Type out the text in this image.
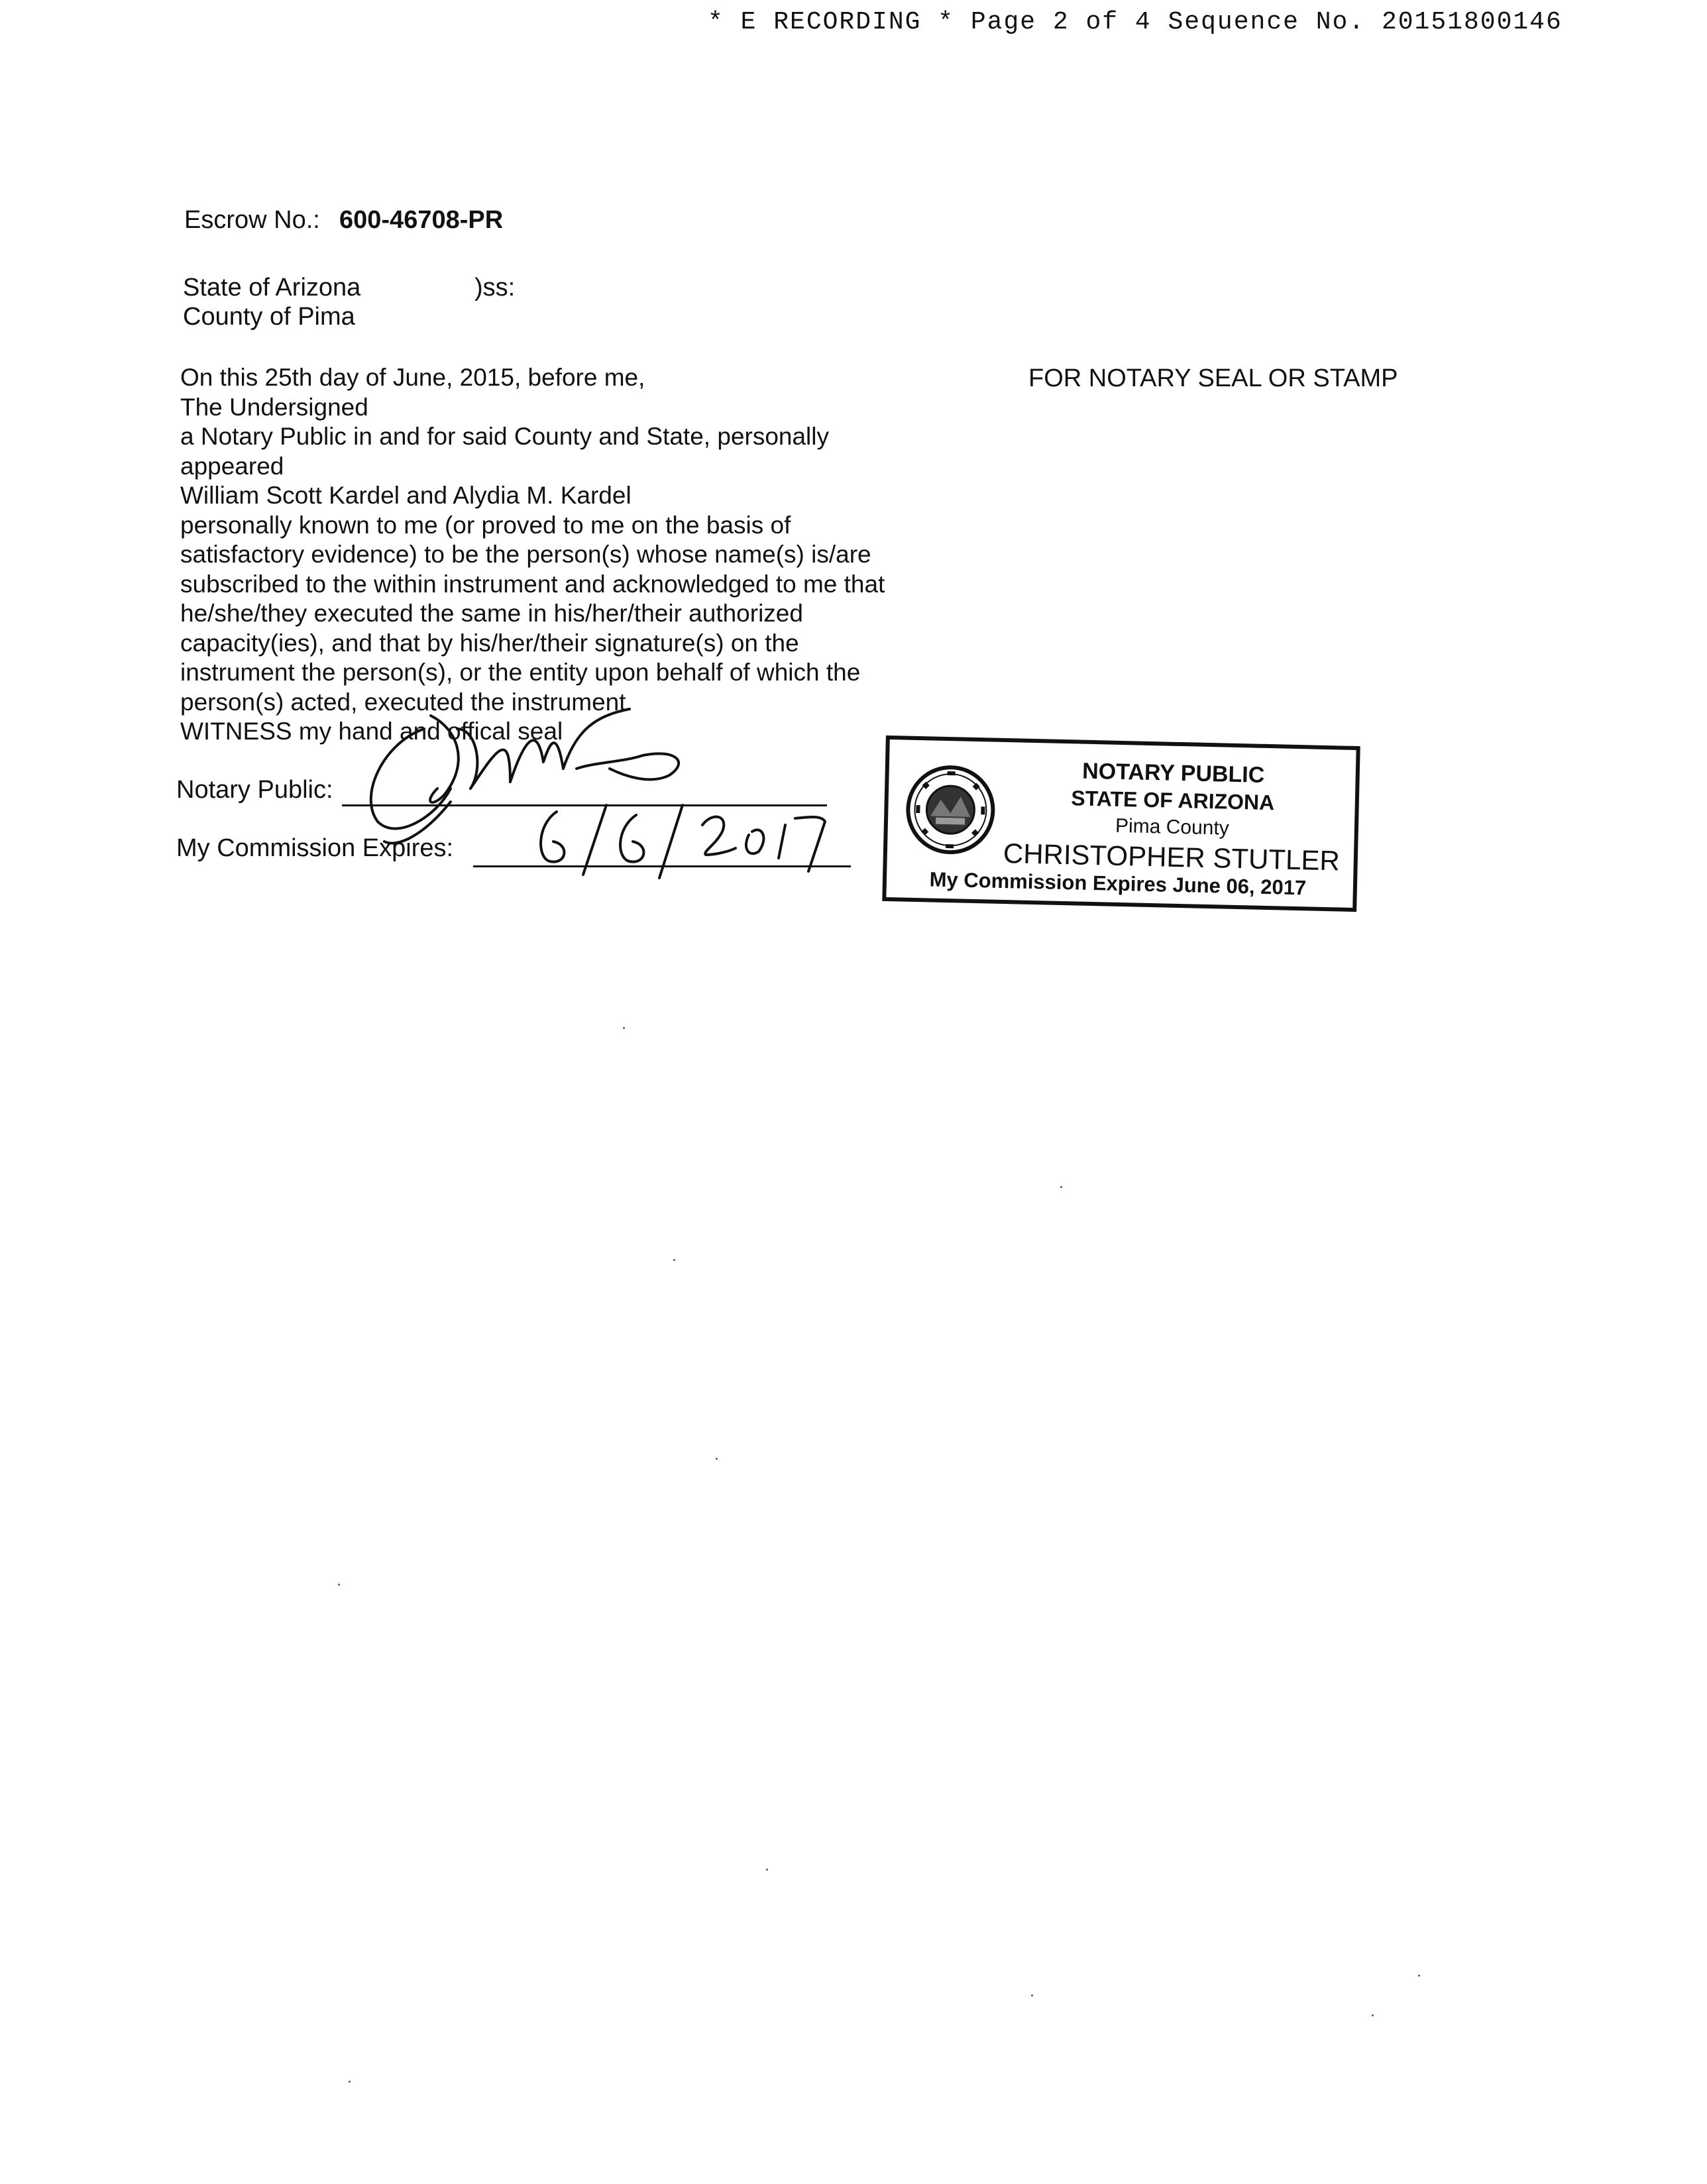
* E RECORDING * Page 2 of 4 Sequence No. 20151800146
Escrow No.: 600-46708-PR
State of Arizona	)ss:
County of Pima
On this 25th day of June, 2015, before me,
The Undersigned
a Notary Public in and for said County and State, personally
appeared
William Scott Kardel and Alydia M. Kardel
personally known to me (or proved to me on the basis of
satisfactory evidence) to be the person(s) whose name(s) is/are
subscribed to the within instrument and acknowledged to me that
he/she/they executed the same in his/her/their authorized
capacity(ies), and that by his/her/their signature(s) on the
instrument the person(s), or the entity upon behalf of which the
person(s) acted, executed the instrument
WITNESS my hand and offical seal
FOR NOTARY SEAL OR STAMP
Notary Public:
My Commission Expires:
NOTARY PUBLIC
STATE OF ARIZONA
Pima County
CHRISTOPHER STUTLER
My Commission Expires June 06, 2017
